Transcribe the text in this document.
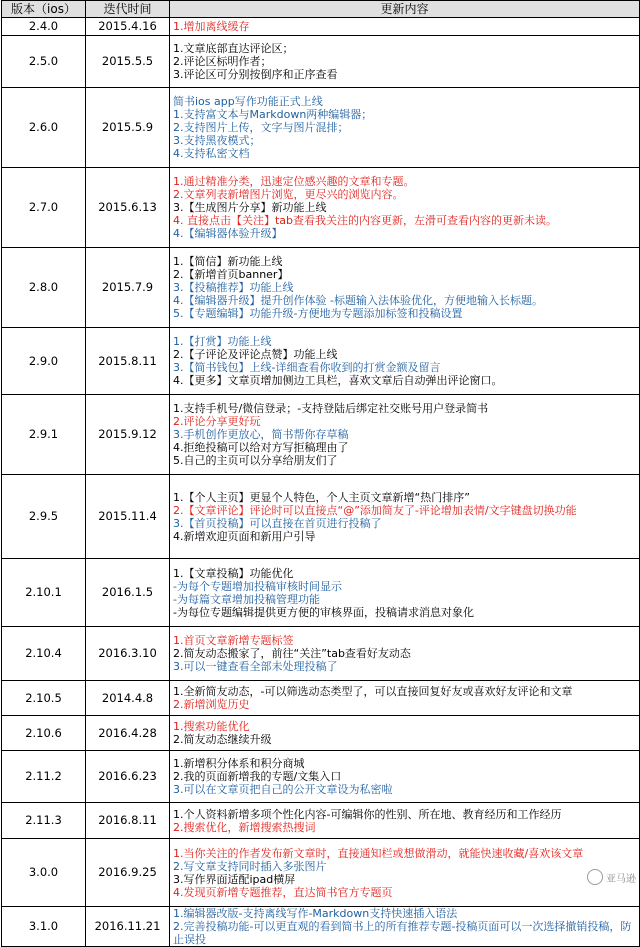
版本（ios）	迭代时间	更新内容
2.4.0	2015.4.16	1.增加离线缓存

2.5.0	2015.5.5	1.文章底部直达评论区；
2.评论区标明作者；
3.评论区可分别按倒序和正序查看

2.6.0	2015.5.9	简书ios app写作功能正式上线
1.支持富文本与Markdown两种编辑器；
2.支持图片上传，文字与图片混排；
3.支持黑夜模式；
4.支持私密文档

2.7.0	2015.6.13	1.通过精准分类，迅速定位感兴趣的文章和专题。
2.文章列表新增图片浏览，更尽兴的浏览内容。
3.【生成图片分享】新功能上线
4. 直接点击【关注】tab查看我关注的内容更新，左滑可查看内容的更新未读。
4.【编辑器体验升级】

2.8.0	2015.7.9	1.【简信】新功能上线
2.【新增首页banner】
3.【投稿推荐】功能上线
4.【编辑器升级】提升创作体验 -标题输入法体验优化，方便地输入长标题。
5.【专题编辑】功能升级-方便地为专题添加标签和投稿设置

2.9.0	2015.8.11	1.【打赏】功能上线
2.【子评论及评论点赞】功能上线
3.【简书钱包】上线-详细查看你收到的打赏金额及留言
4.【更多】文章页增加侧边工具栏，喜欢文章后自动弹出评论窗口。

2.9.1	2015.9.12	1.支持手机号/微信登录；-支持登陆后绑定社交账号用户登录简书
2.评论分享更好玩
3.手机创作更放心，简书帮你存草稿
4.拒绝投稿可以给对方写拒稿理由了
5.自己的主页可以分享给朋友们了

2.9.5	2015.11.4	1.【个人主页】更显个人特色，个人主页文章新增“热门排序”
2.【文章评论】评论时可以直接点“@”添加简友了-评论增加表情/文字键盘切换功能
3.【首页投稿】可以直接在首页进行投稿了
4.新增欢迎页面和新用户引导

2.10.1	2016.1.5	1.【文章投稿】功能优化
-为每个专题增加投稿审核时间显示
-为每篇文章增加投稿管理功能
-为每位专题编辑提供更方便的审核界面，投稿请求消息对象化

2.10.4	2016.3.10	1.首页文章新增专题标签
2.简友动态搬家了，前往“关注”tab查看好友动态
3.可以一键查看全部未处理投稿了

2.10.5	2014.4.8	1.全新简友动态，-可以筛选动态类型了，可以直接回复好友或喜欢好友评论和文章
2.新增浏览历史

2.10.6	2016.4.28	1.搜索功能优化
2.简友动态继续升级

2.11.2	2016.6.23	1.新增积分体系和积分商城
2.我的页面新增我的专题/文集入口
3.可以在文章页把自己的公开文章设为私密啦

2.11.3	2016.8.11	1.个人资料新增多项个性化内容-可编辑你的性别、所在地、教育经历和工作经历
2.搜索优化，新增搜索热搜词

3.0.0	2016.9.25	1.当你关注的作者发布新文章时，直接通知栏或想做滑动，就能快速收藏/喜欢该文章
2.写文章支持同时插入多张图片
3.写作界面适配ipad横屏
4.发现页新增专题推荐，直达简书官方专题页

3.1.0	2016.11.21	1.编辑器改版-支持离线写作-Markdown支持快速插入语法
2.完善投稿功能-可以更直观的看到简书上的所有推荐专题-投稿页面可以一次选择撤销投稿，防止误投	亚马逊
